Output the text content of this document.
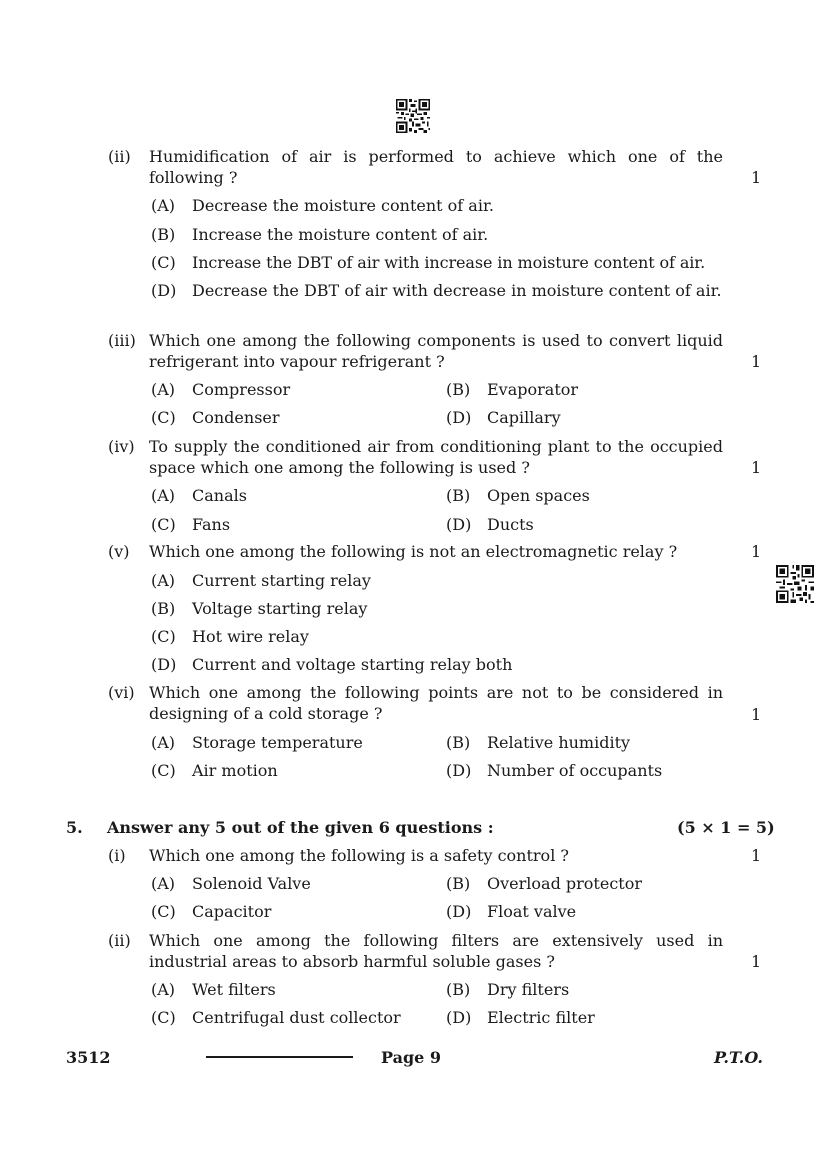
(ii) Humidification of air is performed to achieve which one of the following ?	1
(A) Decrease the moisture content of air.
(B) Increase the moisture content of air.
(C) Increase the DBT of air with increase in moisture content of air.
(D) Decrease the DBT of air with decrease in moisture content of air.
(iii) Which one among the following components is used to convert liquid refrigerant into vapour refrigerant ?	1
(A) Compressor	(B) Evaporator
(C) Condenser	(D) Capillary
(iv) To supply the conditioned air from conditioning plant to the occupied space which one among the following is used ?	1
(A) Canals	(B) Open spaces
(C) Fans	(D) Ducts
(v) Which one among the following is not an electromagnetic relay ?	1
(A) Current starting relay
(B) Voltage starting relay
(C) Hot wire relay
(D) Current and voltage starting relay both
(vi) Which one among the following points are not to be considered in designing of a cold storage ?	1
(A) Storage temperature	(B) Relative humidity
(C) Air motion	(D) Number of occupants
5. Answer any 5 out of the given 6 questions :	(5 × 1 = 5)
(i) Which one among the following is a safety control ?	1
(A) Solenoid Valve	(B) Overload protector
(C) Capacitor	(D) Float valve
(ii) Which one among the following filters are extensively used in industrial areas to absorb harmful soluble gases ?	1
(A) Wet filters	(B) Dry filters
(C) Centrifugal dust collector	(D) Electric filter
3512	Page 9	P.T.O.
